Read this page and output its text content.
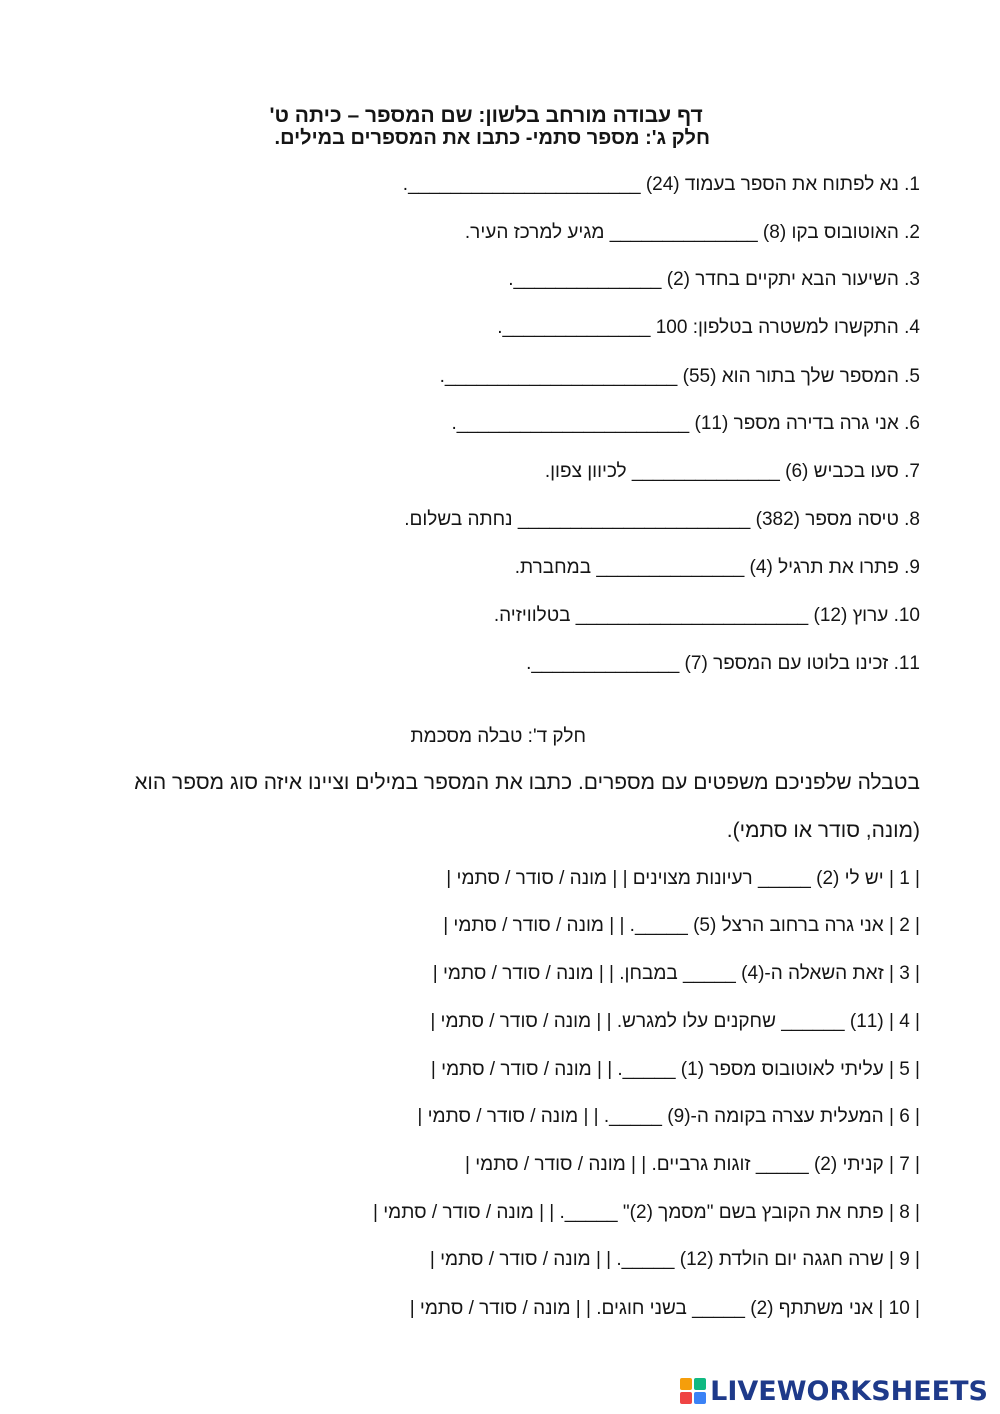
דף עבודה מורחב בלשון: שם המספר – כיתה ט'

חלק ג': מספר סתמי- כתבו את המספרים במילים.
1. נא לפתוח את הספר בעמוד (24) ______________________.
2. האוטובוס בקו (8) ______________ מגיע למרכז העיר.
3. השיעור הבא יתקיים בחדר (2) ______________.
4. התקשרו למשטרה בטלפון: 100 ______________.
5. המספר שלך בתור הוא (55) ______________________.
6. אני גרה בדירה מספר (11) ______________________.
7. סעו בכביש (6) ______________ לכיוון צפון.
8. טיסה מספר (382) ______________________ נחתה בשלום.
9. פתרו את תרגיל (4) ______________ במחברת.
10. ערוץ (12) ______________________ בטלוויזיה.
11. זכינו בלוטו עם המספר (7) ______________.
חלק ד': טבלה מסכמת
בטבלה שלפניכם משפטים עם מספרים. כתבו את המספר במילים וציינו איזה סוג מספר הוא
(מונה, סודר או סתמי).
| 1 | יש לי (2) _____ רעיונות מצוינים | | מונה / סודר / סתמי |
| 2 | אני גרה ברחוב הרצל (5) _____. | | מונה / סודר / סתמי |
| 3 | זאת השאלה ה-(4) _____ במבחן. | | מונה / סודר / סתמי |
| 4 | (11) ______ שחקנים עלו למגרש. | | מונה / סודר / סתמי |
| 5 | עליתי לאוטובוס מספר (1) _____. | | מונה / סודר / סתמי |
| 6 | המעלית עצרה בקומה ה-(9) _____. | | מונה / סודר / סתמי |
| 7 | קניתי (2) _____ זוגות גרביים. | | מונה / סודר / סתמי |
| 8 | פתח את הקובץ בשם "מסמך (2)" _____. | | מונה / סודר / סתמי |
| 9 | שרה חגגה יום הולדת (12) _____. | | מונה / סודר / סתמי |
| 10 | אני משתתף (2) _____ בשני חוגים. | | מונה / סודר / סתמי |
LIVEWORKSHEETS
